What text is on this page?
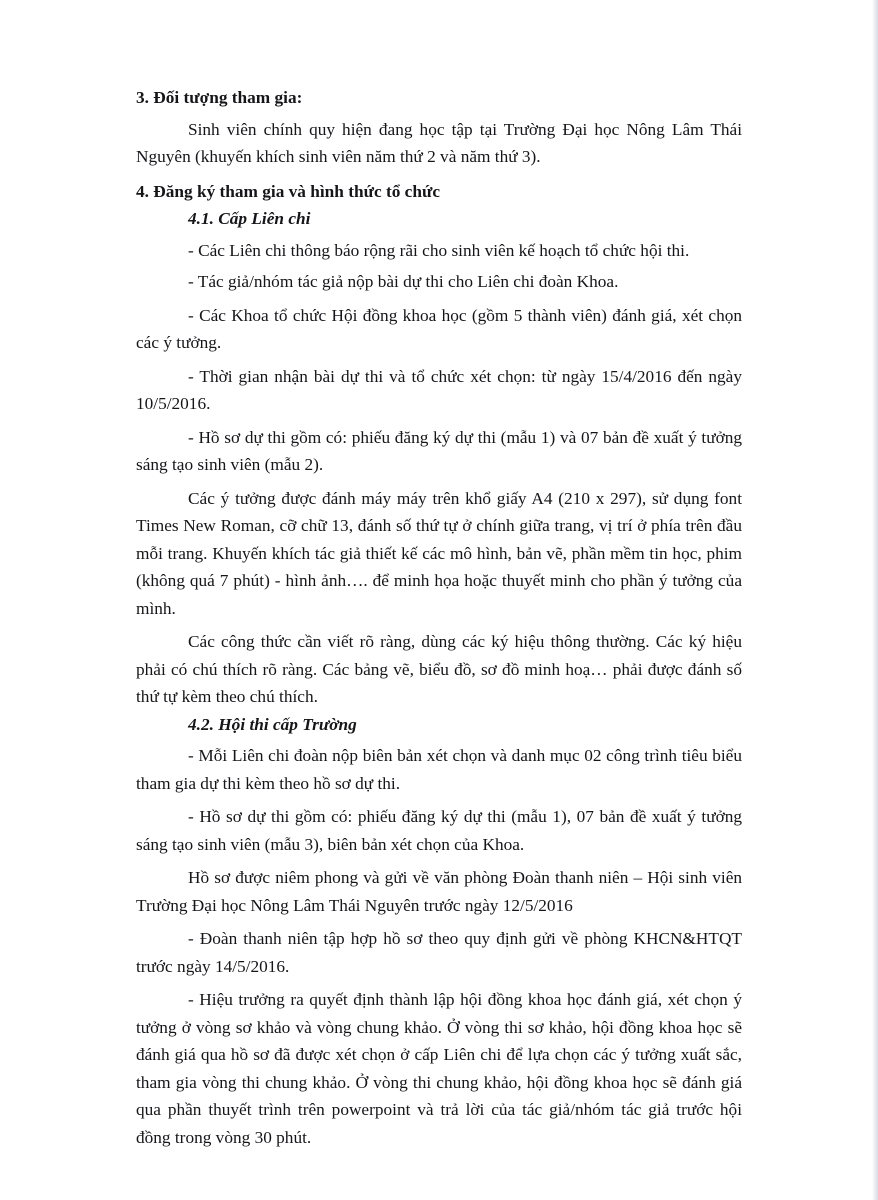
3. Đối tượng tham gia:

Sinh viên chính quy hiện đang học tập tại Trường Đại học Nông Lâm Thái Nguyên (khuyến khích sinh viên năm thứ 2 và năm thứ 3).

4. Đăng ký tham gia và hình thức tổ chức

4.1. Cấp Liên chi

- Các Liên chi thông báo rộng rãi cho sinh viên kế hoạch tổ chức hội thi.

- Tác giả/nhóm tác giả nộp bài dự thi cho Liên chi đoàn Khoa.

- Các Khoa tổ chức Hội đồng khoa học (gồm 5 thành viên) đánh giá, xét chọn các ý tưởng.

- Thời gian nhận bài dự thi và tổ chức xét chọn: từ ngày 15/4/2016 đến ngày 10/5/2016.

- Hồ sơ dự thi gồm có: phiếu đăng ký dự thi (mẫu 1) và 07 bản đề xuất ý tưởng sáng tạo sinh viên (mẫu 2).

Các ý tưởng được đánh máy máy trên khổ giấy A4 (210 x 297), sử dụng font Times New Roman, cỡ chữ 13, đánh số thứ tự ở chính giữa trang, vị trí ở phía trên đầu mỗi trang. Khuyến khích tác giả thiết kế các mô hình, bản vẽ, phần mềm tin học, phim (không quá 7 phút) - hình ảnh…. để minh họa hoặc thuyết minh cho phần ý tưởng của mình.

Các công thức cần viết rõ ràng, dùng các ký hiệu thông thường. Các ký hiệu phải có chú thích rõ ràng. Các bảng vẽ, biểu đồ, sơ đồ minh hoạ… phải được đánh số thứ tự kèm theo chú thích.

4.2. Hội thi cấp Trường

- Mỗi Liên chi đoàn nộp biên bản xét chọn và danh mục 02 công trình tiêu biểu tham gia dự thi kèm theo hồ sơ dự thi.

- Hồ sơ dự thi gồm có: phiếu đăng ký dự thi (mẫu 1), 07 bản đề xuất ý tưởng sáng tạo sinh viên (mẫu 3), biên bản xét chọn của Khoa.

Hồ sơ được niêm phong và gửi về văn phòng Đoàn thanh niên – Hội sinh viên Trường Đại học Nông Lâm Thái Nguyên trước ngày 12/5/2016

- Đoàn thanh niên tập hợp hồ sơ theo quy định gửi về phòng KHCN&HTQT trước ngày 14/5/2016.

- Hiệu trưởng ra quyết định thành lập hội đồng khoa học đánh giá, xét chọn ý tưởng ở vòng sơ khảo và vòng chung khảo. Ở vòng thi sơ khảo, hội đồng khoa học sẽ đánh giá qua hồ sơ đã được xét chọn ở cấp Liên chi để lựa chọn các ý tưởng xuất sắc, tham gia vòng thi chung khảo. Ở vòng thi chung khảo, hội đồng khoa học sẽ đánh giá qua phần thuyết trình trên powerpoint và trả lời của tác giả/nhóm tác giả trước hội đồng trong vòng 30 phút.
